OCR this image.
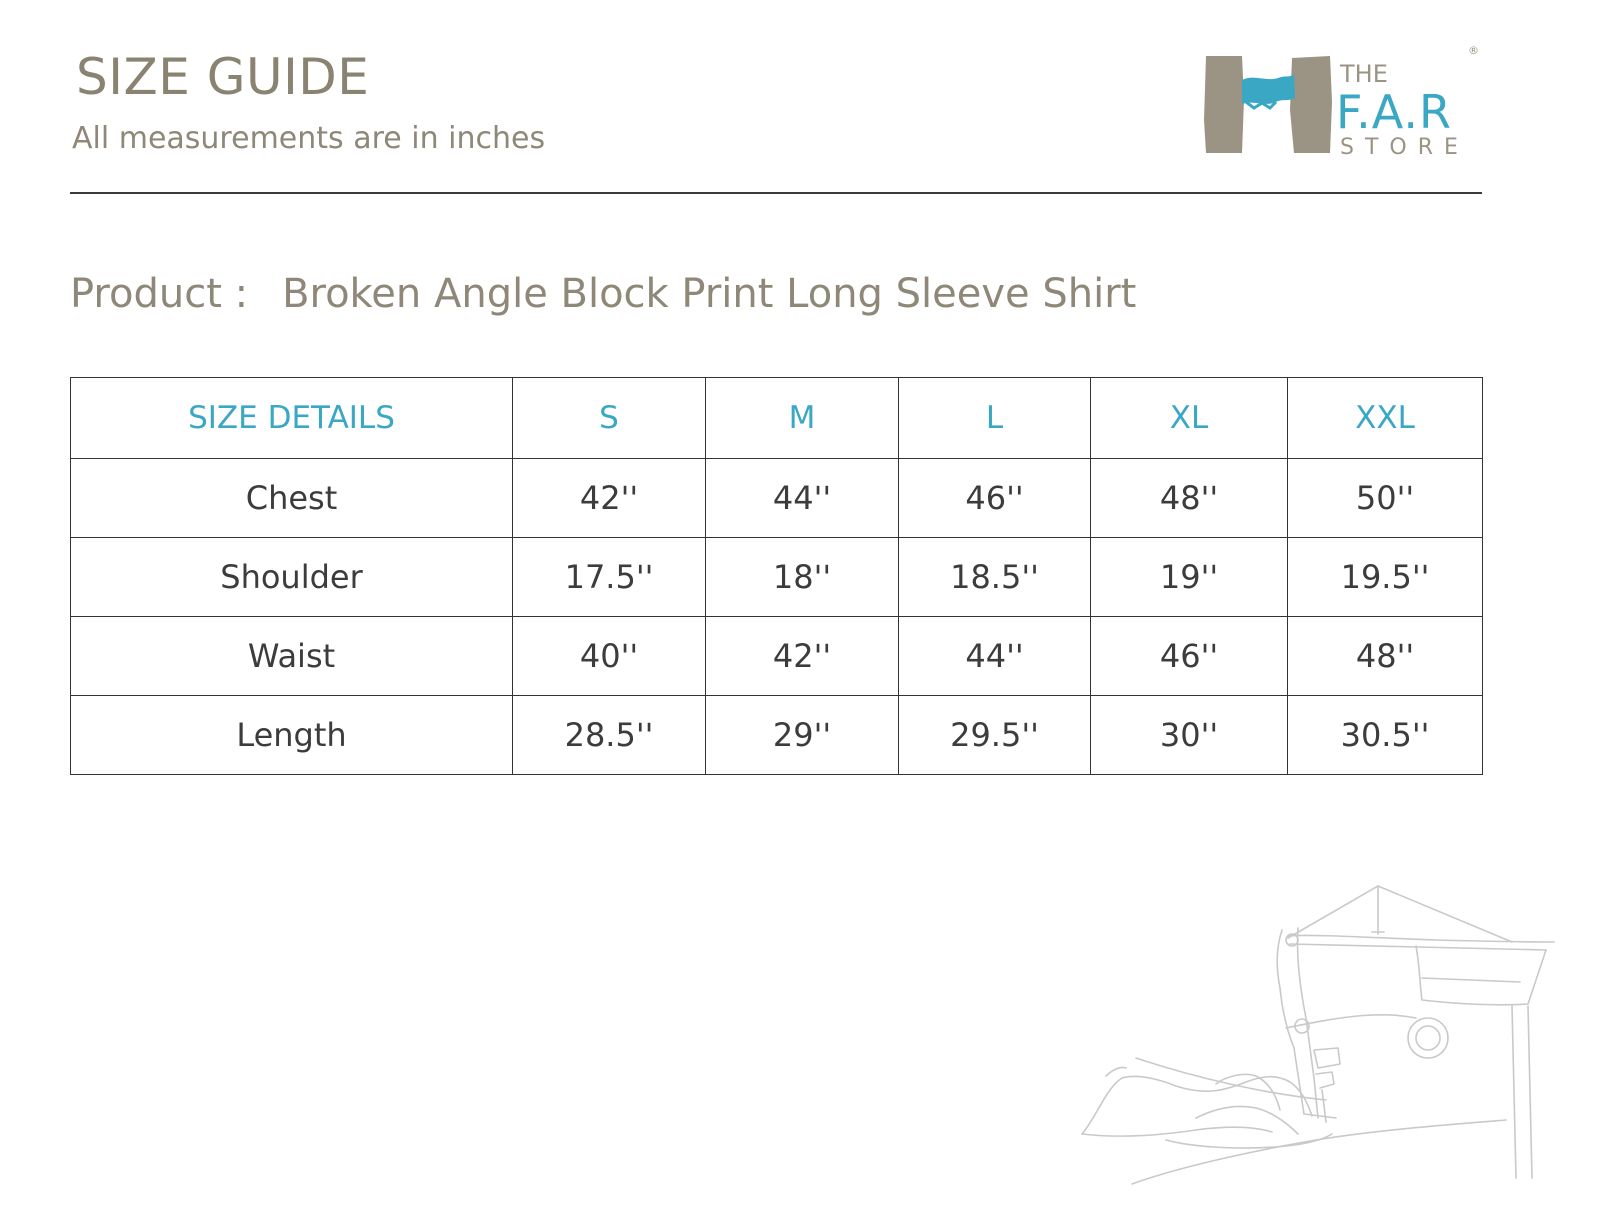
SIZE GUIDE
All measurements are in inches
®
THE
F.A.R
STORE
Product : Broken Angle Block Print Long Sleeve Shirt
SIZE DETAILS	S	M	L	XL	XXL
Chest	42''	44''	46''	48''	50''
Shoulder	17.5''	18''	18.5''	19''	19.5''
Waist	40''	42''	44''	46''	48''
Length	28.5''	29''	29.5''	30''	30.5''
